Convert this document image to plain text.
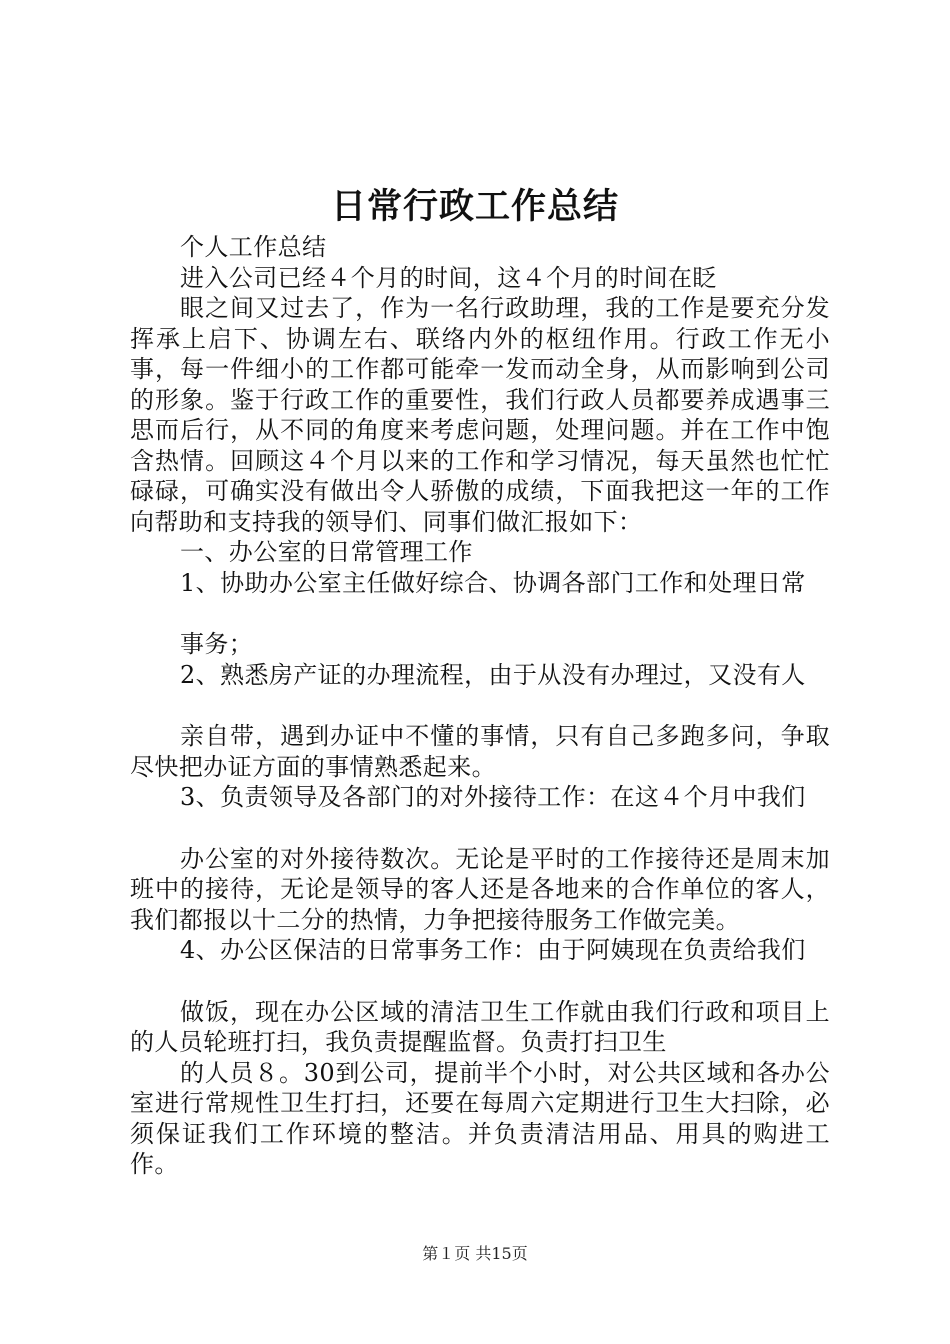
日常行政工作总结

个人工作总结

进入公司已经４个月的时间，这４个月的时间在眨

眼之间又过去了，作为一名行政助理，我的工作是要充分发挥承上启下、协调左右、联络内外的枢纽作用。行政工作无小事，每一件细小的工作都可能牵一发而动全身，从而影响到公司的形象。鉴于行政工作的重要性，我们行政人员都要养成遇事三思而后行，从不同的角度来考虑问题，处理问题。并在工作中饱含热情。回顾这４个月以来的工作和学习情况，每天虽然也忙忙碌碌，可确实没有做出令人骄傲的成绩，下面我把这一年的工作向帮助和支持我的领导们、同事们做汇报如下：

一、办公室的日常管理工作

1、协助办公室主任做好综合、协调各部门工作和处理日常

事务；

2、熟悉房产证的办理流程，由于从没有办理过，又没有人

亲自带，遇到办证中不懂的事情，只有自己多跑多问，争取尽快把办证方面的事情熟悉起来。

3、负责领导及各部门的对外接待工作：在这４个月中我们

办公室的对外接待数次。无论是平时的工作接待还是周末加班中的接待，无论是领导的客人还是各地来的合作单位的客人，我们都报以十二分的热情，力争把接待服务工作做完美。

4、办公区保洁的日常事务工作：由于阿姨现在负责给我们

做饭，现在办公区域的清洁卫生工作就由我们行政和项目上的人员轮班打扫，我负责提醒监督。负责打扫卫生

的人员８。30到公司，提前半个小时，对公共区域和各办公室进行常规性卫生打扫，还要在每周六定期进行卫生大扫除，必须保证我们工作环境的整洁。并负责清洁用品、用具的购进工作。

第１页 共15页
